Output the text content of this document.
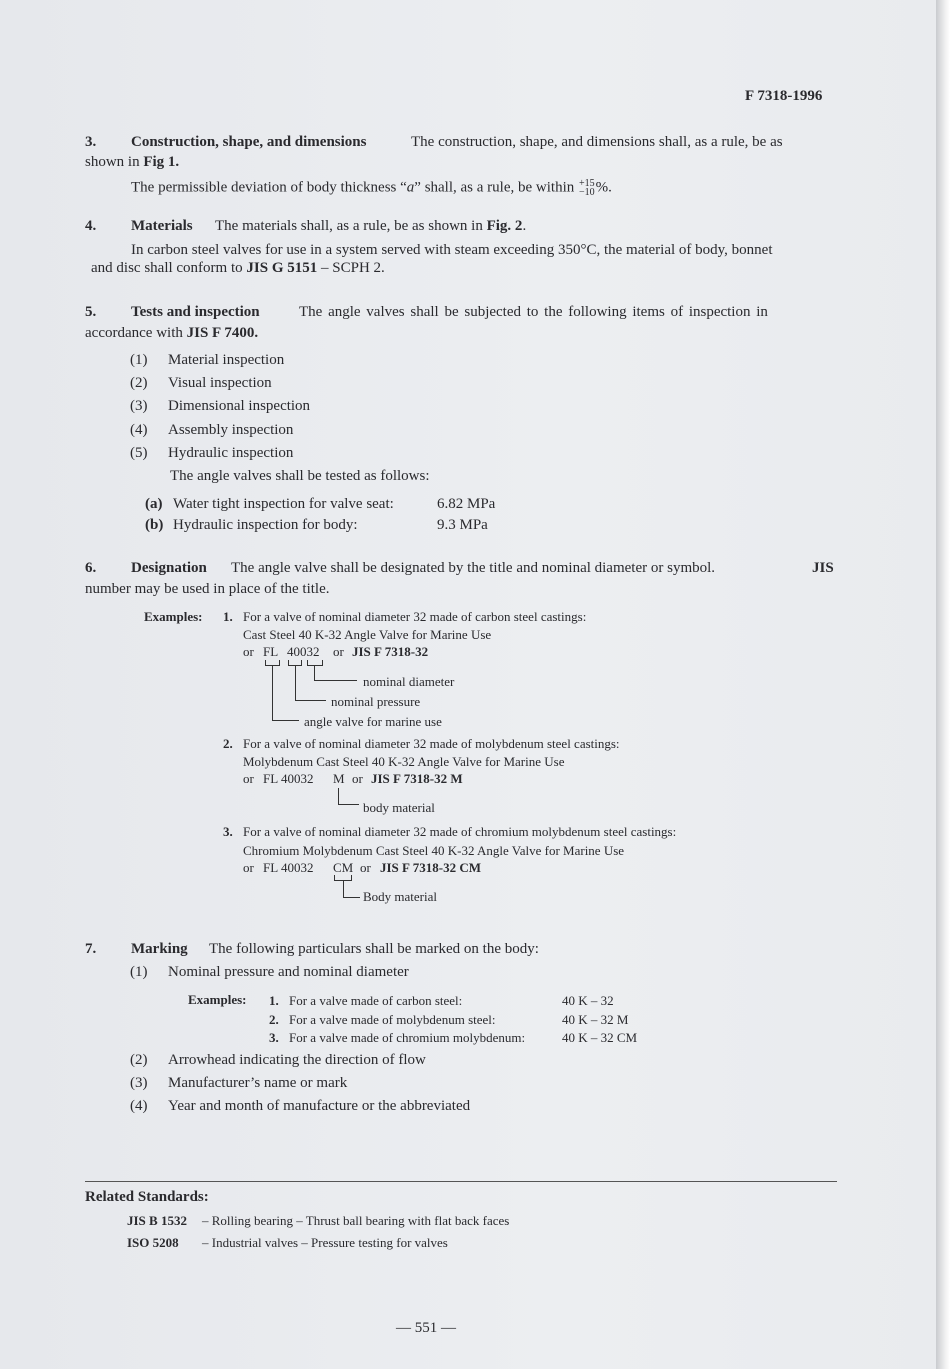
F 7318-1996
3. Construction, shape, and dimensions	The construction, shape, and dimensions shall, as a rule, be as
shown in Fig 1.
The permissible deviation of body thickness “a” shall, as a rule, be within +15
−10%.
4. Materials The materials shall, as a rule, be as shown in Fig. 2.
In carbon steel valves for use in a system served with steam exceeding 350°C, the material of body, bonnet
and disc shall conform to JIS G 5151 – SCPH 2.
5. Tests and inspection	The angle valves shall be subjected to the following items of inspection in
accordance with JIS F 7400.
(1) Material inspection
(2) Visual inspection
(3) Dimensional inspection
(4) Assembly inspection
(5) Hydraulic inspection
The angle valves shall be tested as follows:
(a) Water tight inspection for valve seat:	6.82 MPa
(b) Hydraulic inspection for body:	9.3 MPa
6. Designation The angle valve shall be designated by the title and nominal diameter or symbol.	JIS
number may be used in place of the title.
Examples: 1. For a valve of nominal diameter 32 made of carbon steel castings:
Cast Steel 40 K-32 Angle Valve for Marine Use
or FL 40032 or JIS F 7318-32
nominal diameter
nominal pressure
angle valve for marine use
2. For a valve of nominal diameter 32 made of molybdenum steel castings:
Molybdenum Cast Steel 40 K-32 Angle Valve for Marine Use
or FL 40032 M or JIS F 7318-32 M
body material
3. For a valve of nominal diameter 32 made of chromium molybdenum steel castings:
Chromium Molybdenum Cast Steel 40 K-32 Angle Valve for Marine Use
or FL 40032 CM or JIS F 7318-32 CM
Body material
7. Marking The following particulars shall be marked on the body:
(1) Nominal pressure and nominal diameter
Examples: 1. For a valve made of carbon steel:	40 K – 32
2. For a valve made of molybdenum steel:	40 K – 32 M
3. For a valve made of chromium molybdenum:	40 K – 32 CM
(2) Arrowhead indicating the direction of flow
(3) Manufacturer’s name or mark
(4) Year and month of manufacture or the abbreviated
Related Standards:
JIS B 1532 – Rolling bearing – Thrust ball bearing with flat back faces
ISO 5208 – Industrial valves – Pressure testing for valves
— 551 —
